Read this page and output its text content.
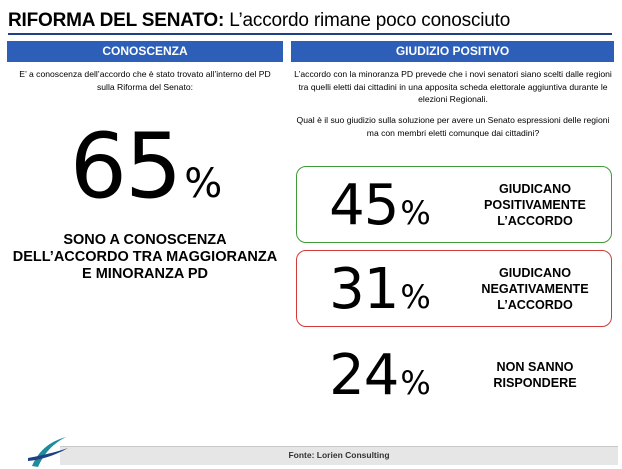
RIFORMA DEL SENATO: L’accordo rimane poco conosciuto
CONOSCENZA
E’ a conoscenza dell’accordo che è stato trovato all’interno del PD sulla Riforma del Senato:
65 %
SONO A CONOSCENZA DELL’ACCORDO TRA MAGGIORANZA E MINORANZA PD
GIUDIZIO POSITIVO
L’accordo con la minoranza PD prevede che i novi senatori siano scelti dalle regioni tra quelli eletti dai cittadini in una apposita scheda elettorale aggiuntiva durante le elezioni Regionali.
Qual è il suo giudizio sulla soluzione per avere un Senato espressioni delle regioni ma con membri eletti comunque dai cittadini?
45%
GIUDICANO
POSITIVAMENTE
L’ACCORDO
31%
GIUDICANO
NEGATIVAMENTE
L’ACCORDO
24%	NON SANNO
RISPONDERE
Fonte: Lorien Consulting
